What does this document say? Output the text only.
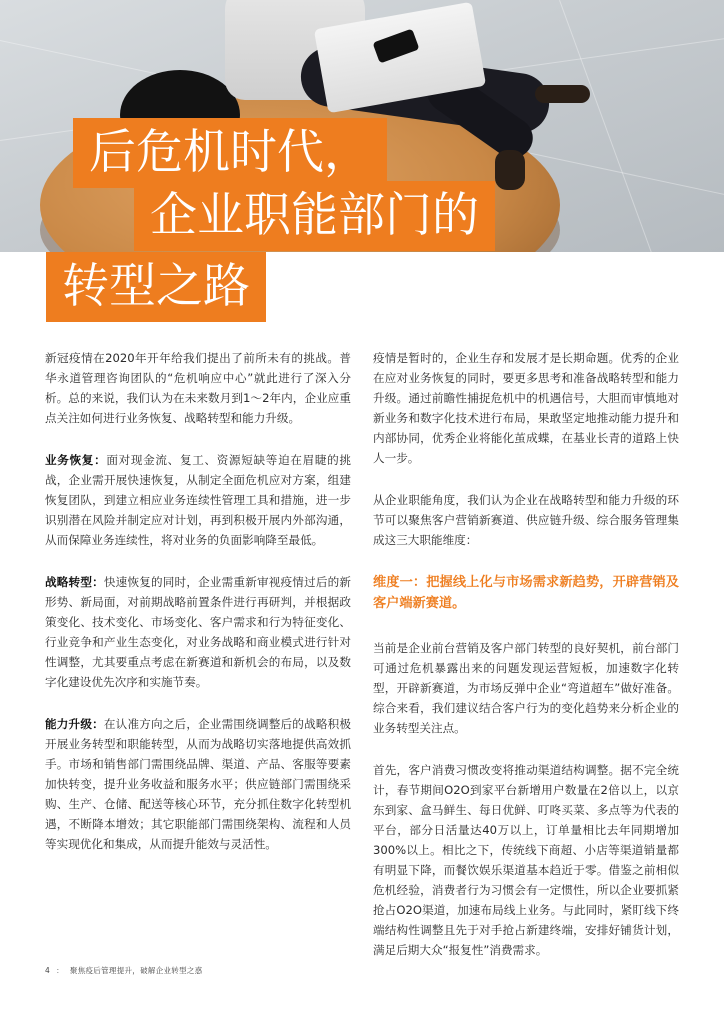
后危机时代，
企业职能部门的
转型之路

新冠疫情在2020年开年给我们提出了前所未有的挑战。普华永道管理咨询团队的“危机响应中心”就此进行了深入分析。总的来说，我们认为在未来数月到1～2年内，企业应重点关注如何进行业务恢复、战略转型和能力升级。

业务恢复：面对现金流、复工、资源短缺等迫在眉睫的挑战，企业需开展快速恢复，从制定全面危机应对方案，组建恢复团队，到建立相应业务连续性管理工具和措施，进一步识别潜在风险并制定应对计划，再到积极开展内外部沟通，从而保障业务连续性，将对业务的负面影响降至最低。

战略转型：快速恢复的同时，企业需重新审视疫情过后的新形势、新局面，对前期战略前置条件进行再研判，并根据政策变化、技术变化、市场变化、客户需求和行为特征变化、行业竞争和产业生态变化，对业务战略和商业模式进行针对性调整，尤其要重点考虑在新赛道和新机会的布局，以及数字化建设优先次序和实施节奏。

能力升级：在认准方向之后，企业需围绕调整后的战略积极开展业务转型和职能转型，从而为战略切实落地提供高效抓手。市场和销售部门需围绕品牌、渠道、产品、客服等要素加快转变，提升业务收益和服务水平；供应链部门需围绕采购、生产、仓储、配送等核心环节，充分抓住数字化转型机遇，不断降本增效；其它职能部门需围绕架构、流程和人员等实现优化和集成，从而提升能效与灵活性。

疫情是暂时的，企业生存和发展才是长期命题。优秀的企业在应对业务恢复的同时，要更多思考和准备战略转型和能力升级。通过前瞻性捕捉危机中的机遇信号，大胆而审慎地对新业务和数字化技术进行布局，果敢坚定地推动能力提升和内部协同，优秀企业将能化茧成蝶，在基业长青的道路上快人一步。

从企业职能角度，我们认为企业在战略转型和能力升级的环节可以聚焦客户营销新赛道、供应链升级、综合服务管理集成这三大职能维度：

维度一：把握线上化与市场需求新趋势，开辟营销及客户端新赛道。

当前是企业前台营销及客户部门转型的良好契机，前台部门可通过危机暴露出来的问题发现运营短板，加速数字化转型，开辟新赛道，为市场反弹中企业“弯道超车”做好准备。综合来看，我们建议结合客户行为的变化趋势来分析企业的业务转型关注点。

首先，客户消费习惯改变将推动渠道结构调整。据不完全统计，春节期间O2O到家平台新增用户数量在2倍以上，以京东到家、盒马鲜生、每日优鲜、叮咚买菜、多点等为代表的平台，部分日活量达40万以上，订单量相比去年同期增加300%以上。相比之下，传统线下商超、小店等渠道销量都有明显下降，而餐饮娱乐渠道基本趋近于零。借鉴之前相似危机经验，消费者行为习惯会有一定惯性，所以企业要抓紧抢占O2O渠道，加速布局线上业务。与此同时，紧盯线下终端结构性调整且先于对手抢占新建终端，安排好铺货计划，满足后期大众“报复性”消费需求。

4 ： 聚焦疫后管理提升，破解企业转型之惑
